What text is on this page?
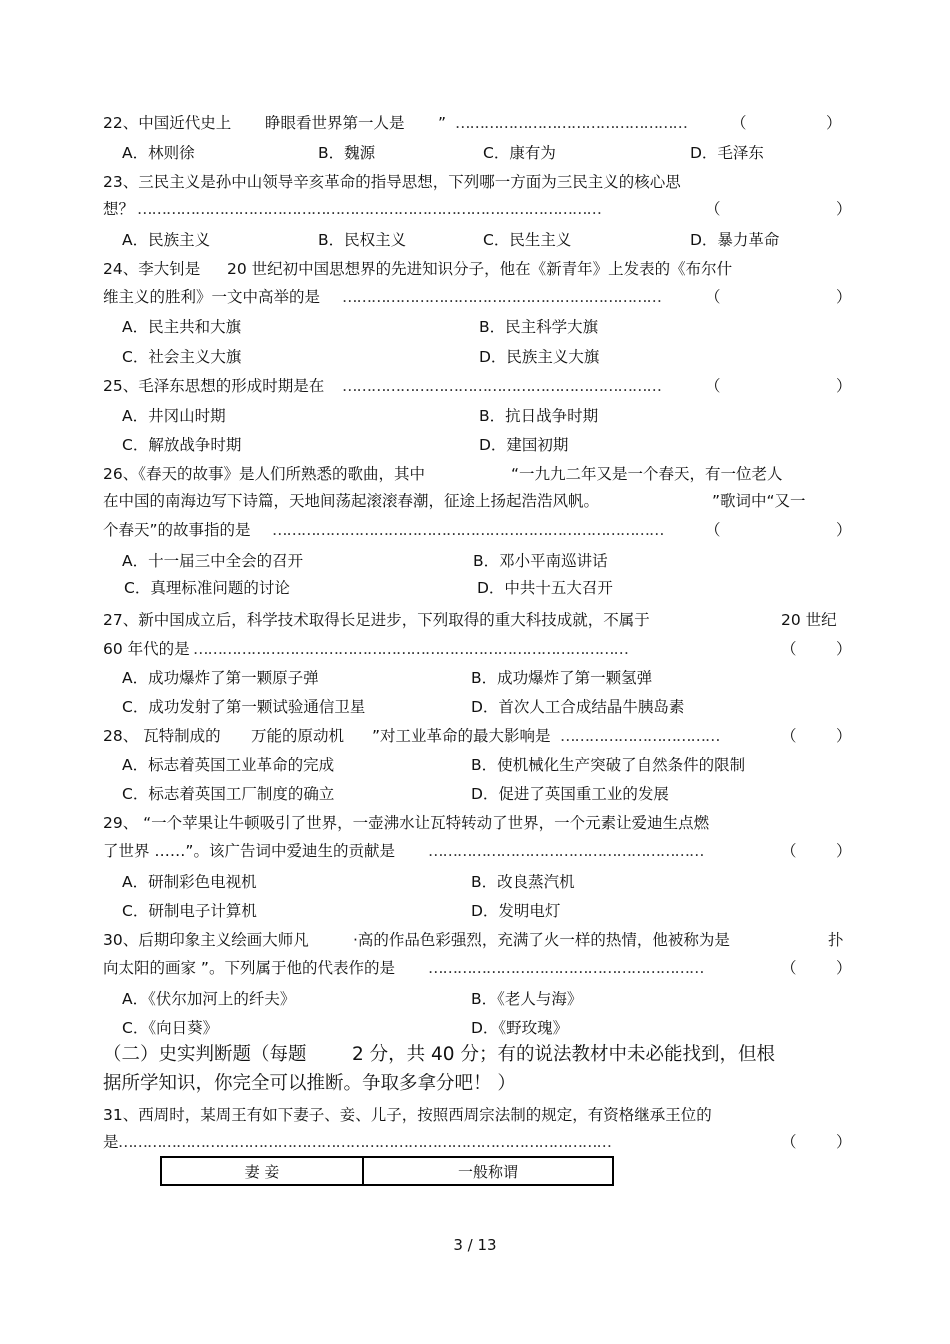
22、中国近代史上 睁眼看世界第一人是 ” …………………………………………	（	）
A．林则徐	B．魏源	C．康有为	D．毛泽东
23、三民主义是孙中山领导辛亥革命的指导思想，下列哪一方面为三民主义的核心思
想？ ……………………………………………………………………………………	（	）
A．民族主义	B．民权主义	C．民生主义	D．暴力革命
24、李大钊是 20 世纪初中国思想界的先进知识分子，他在《新青年》上发表的《布尔什
维主义的胜利》一文中高举的是 …………………………………………………………	（	）
A．民主共和大旗	B．民主科学大旗
C．社会主义大旗	D．民族主义大旗
25、毛泽东思想的形成时期是在 …………………………………………………………	（	）
A．井冈山时期	B．抗日战争时期
C．解放战争时期	D．建国初期
26、《春天的故事》是人们所熟悉的歌曲，其中	“一九九二年又是一个春天，有一位老人
在中国的南海边写下诗篇，天地间荡起滚滚春潮，征途上扬起浩浩风帆。	”歌词中“又一
个春天”的故事指的是 ………………………………………………………………………	（	）
A．十一届三中全会的召开	B．邓小平南巡讲话
C．真理标准问题的讨论	D．中共十五大召开
27、新中国成立后，科学技术取得长足进步，下列取得的重大科技成就，不属于	20 世纪
60 年代的是 ………………………………………………………………………………	（	）
A．成功爆炸了第一颗原子弹	B．成功爆炸了第一颗氢弹
C．成功发射了第一颗试验通信卫星	D．首次人工合成结晶牛胰岛素
28、 瓦特制成的 万能的原动机 ”对工业革命的最大影响是 ……………………………	（	）
A．标志着英国工业革命的完成	B．使机械化生产突破了自然条件的限制
C．标志着英国工厂制度的确立	D．促进了英国重工业的发展
29、 “一个苹果让牛顿吸引了世界，一壶沸水让瓦特转动了世界，一个元素让爱迪生点燃
了世界 ……”。该广告词中爱迪生的贡献是 …………………………………………………	（	）
A．研制彩色电视机	B．改良蒸汽机
C．研制电子计算机	D．发明电灯
30、后期印象主义绘画大师凡	·高的作品色彩强烈，充满了火一样的热情，他被称为是	扑
向太阳的画家 ”。下列属于他的代表作的是 …………………………………………………	（	）
A．《伏尔加河上的纤夫》	B．《老人与海》
C．《向日葵》	D．《野玫瑰》
（二）史实判断题（每题 2 分，共 40 分；有的说法教材中未必能找到，但根
据所学知识，你完全可以推断。争取多拿分吧！ ）
31、西周时，某周王有如下妻子、妾、儿子，按照西周宗法制的规定，有资格继承王位的
是 …………………………………………………………………………………………	（	）
妻 妾	一般称谓
3 / 13
